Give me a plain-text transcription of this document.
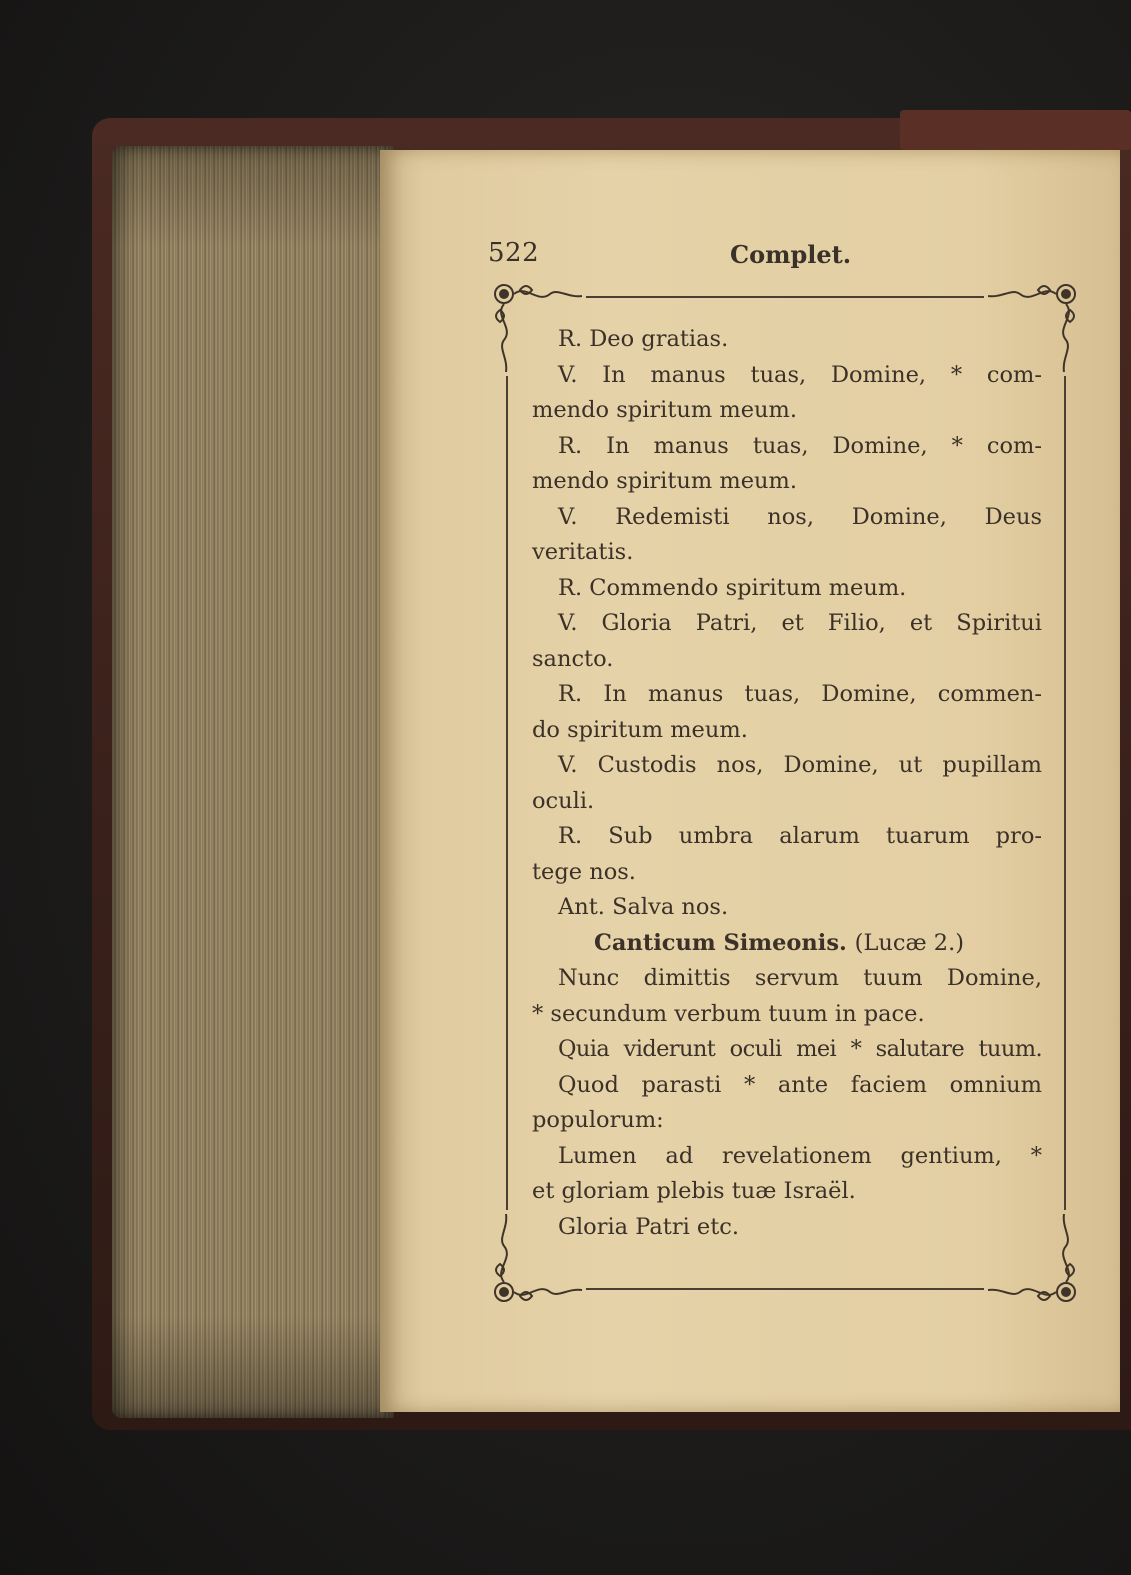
522	Complet.
R. Deo gratias.
V. In manus tuas, Domine, * com-
mendo spiritum meum.
R. In manus tuas, Domine, * com-
mendo spiritum meum.
V. Redemisti nos, Domine, Deus
veritatis.
R. Commendo spiritum meum.
V. Gloria Patri, et Filio, et Spiritui
sancto.
R. In manus tuas, Domine, commen-
do spiritum meum.
V. Custodis nos, Domine, ut pupillam
oculi.
R. Sub umbra alarum tuarum pro-
tege nos.
Ant. Salva nos.
Canticum Simeonis. (Lucæ 2.)
Nunc dimittis servum tuum Domine,
* secundum verbum tuum in pace.
Quia viderunt oculi mei * salutare tuum.
Quod parasti * ante faciem omnium
populorum:
Lumen ad revelationem gentium, *
et gloriam plebis tuæ Israël.
Gloria Patri etc.
